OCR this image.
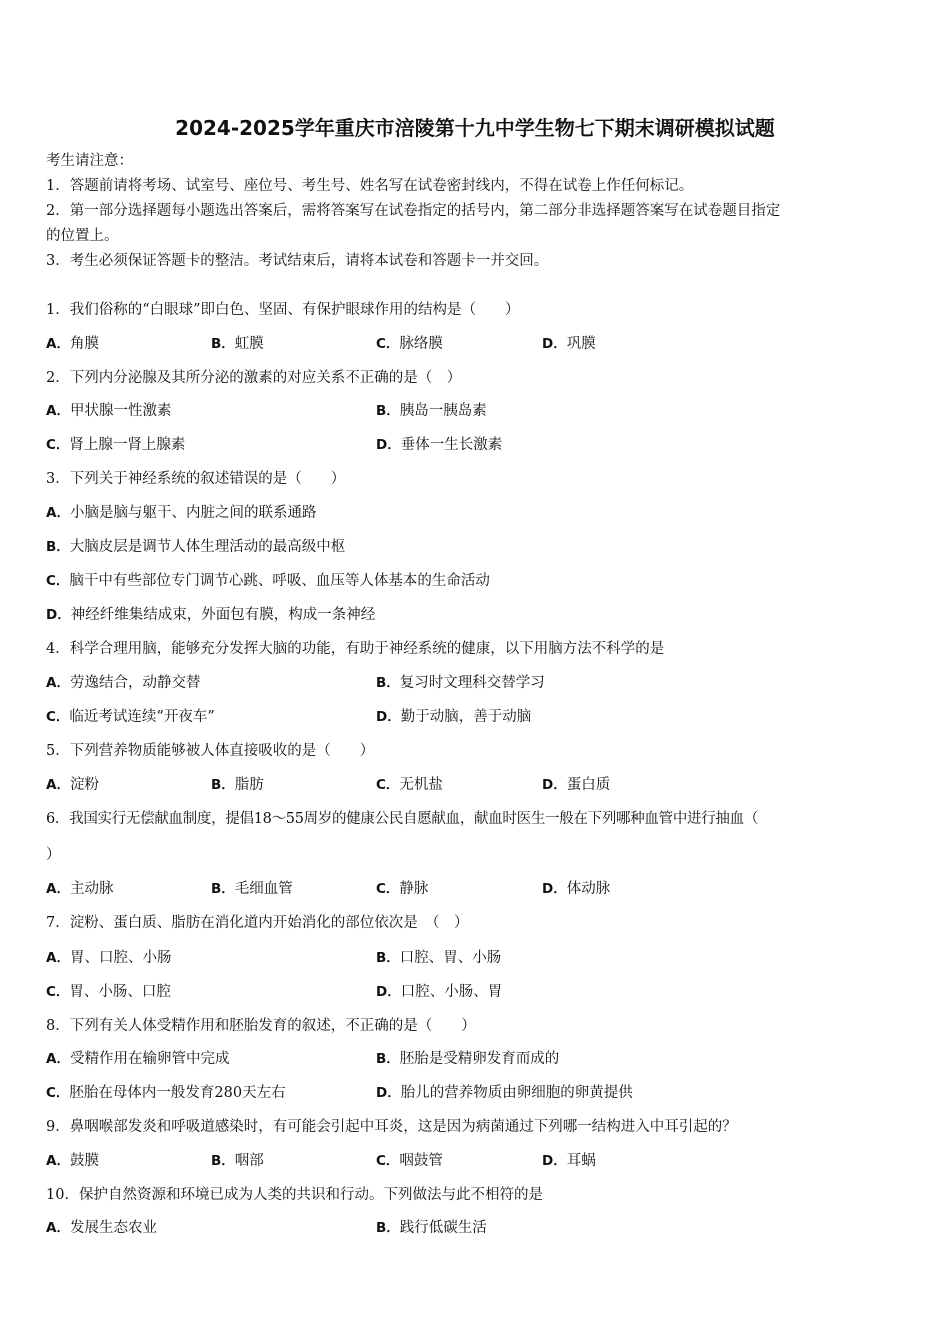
2024-2025学年重庆市涪陵第十九中学生物七下期末调研模拟试题
考生请注意：
1．答题前请将考场、试室号、座位号、考生号、姓名写在试卷密封线内，不得在试卷上作任何标记。
2．第一部分选择题每小题选出答案后，需将答案写在试卷指定的括号内，第二部分非选择题答案写在试卷题目指定
的位置上。
3．考生必须保证答题卡的整洁。考试结束后，请将本试卷和答题卡一并交回。
1．我们俗称的“白眼球”即白色、坚固、有保护眼球作用的结构是（　　）
A．角膜	B．虹膜	C．脉络膜	D．巩膜
2．下列内分泌腺及其所分泌的激素的对应关系不正确的是（　）
A．甲状腺一性激素	B．胰岛一胰岛素
C．肾上腺一肾上腺素	D．垂体一生长激素
3．下列关于神经系统的叙述错误的是（　　）
A．小脑是脑与躯干、内脏之间的联系通路
B．大脑皮层是调节人体生理活动的最高级中枢
C．脑干中有些部位专门调节心跳、呼吸、血压等人体基本的生命活动
D．神经纤维集结成束，外面包有膜，构成一条神经
4．科学合理用脑，能够充分发挥大脑的功能，有助于神经系统的健康，以下用脑方法不科学的是
A．劳逸结合，动静交替	B．复习时文理科交替学习
C．临近考试连续“开夜车”	D．勤于动脑，善于动脑
5．下列营养物质能够被人体直接吸收的是（　　）
A．淀粉	B．脂肪	C．无机盐	D．蛋白质
6．我国实行无偿献血制度，提倡18～55周岁的健康公民自愿献血，献血时医生一般在下列哪种血管中进行抽血（
）
A．主动脉	B．毛细血管	C．静脉	D．体动脉
7．淀粉、蛋白质、脂肪在消化道内开始消化的部位依次是　（　）
A．胃、口腔、小肠	B．口腔、胃、小肠
C．胃、小肠、口腔	D．口腔、小肠、胃
8．下列有关人体受精作用和胚胎发育的叙述，不正确的是（　　）
A．受精作用在输卵管中完成	B．胚胎是受精卵发育而成的
C．胚胎在母体内一般发育280天左右	D．胎儿的营养物质由卵细胞的卵黄提供
9．鼻咽喉部发炎和呼吸道感染时，有可能会引起中耳炎，这是因为病菌通过下列哪一结构进入中耳引起的？
A．鼓膜	B．咽部	C．咽鼓管	D．耳蜗
10．保护自然资源和环境已成为人类的共识和行动。下列做法与此不相符的是
A．发展生态农业	B．践行低碳生活
